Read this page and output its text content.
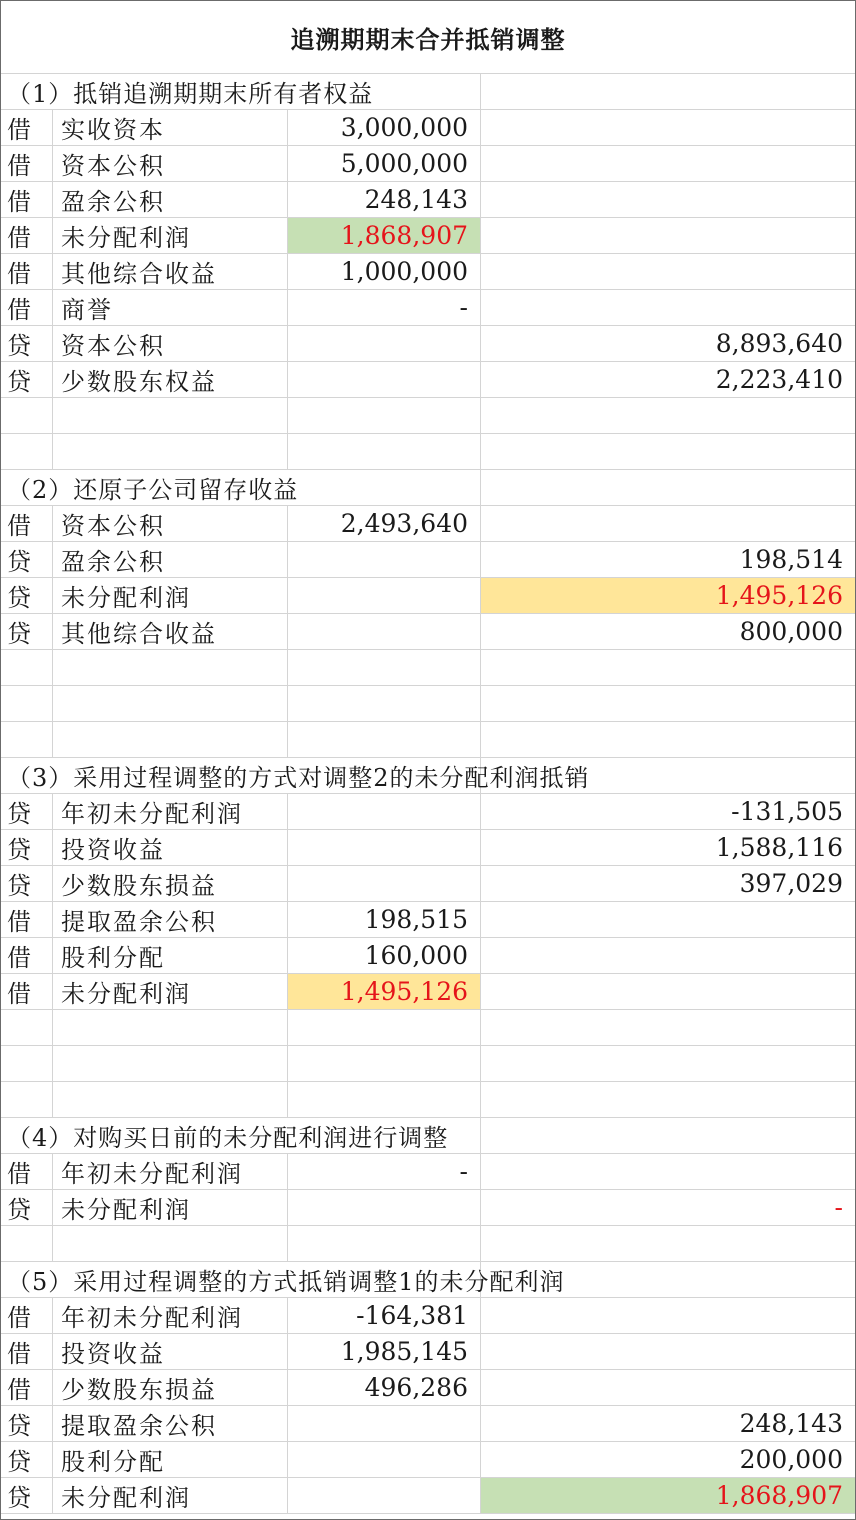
追溯期期末合并抵销调整
（1）抵销追溯期期末所有者权益
借	实收资本	3,000,000
借	资本公积	5,000,000
借	盈余公积	248,143
借	未分配利润	1,868,907
借	其他综合收益	1,000,000
借	商誉	-
贷	资本公积	8,893,640
贷	少数股东权益	2,223,410
（2）还原子公司留存收益
借	资本公积	2,493,640
贷	盈余公积	198,514
贷	未分配利润	1,495,126
贷	其他综合收益	800,000
（3）采用过程调整的方式对调整2的未分配利润抵销
贷	年初未分配利润	-131,505
贷	投资收益	1,588,116
贷	少数股东损益	397,029
借	提取盈余公积	198,515
借	股利分配	160,000
借	未分配利润	1,495,126
（4）对购买日前的未分配利润进行调整
借	年初未分配利润	-
贷	未分配利润	-
（5）采用过程调整的方式抵销调整1的未分配利润
借	年初未分配利润	-164,381
借	投资收益	1,985,145
借	少数股东损益	496,286
贷	提取盈余公积	248,143
贷	股利分配	200,000
贷	未分配利润	1,868,907
